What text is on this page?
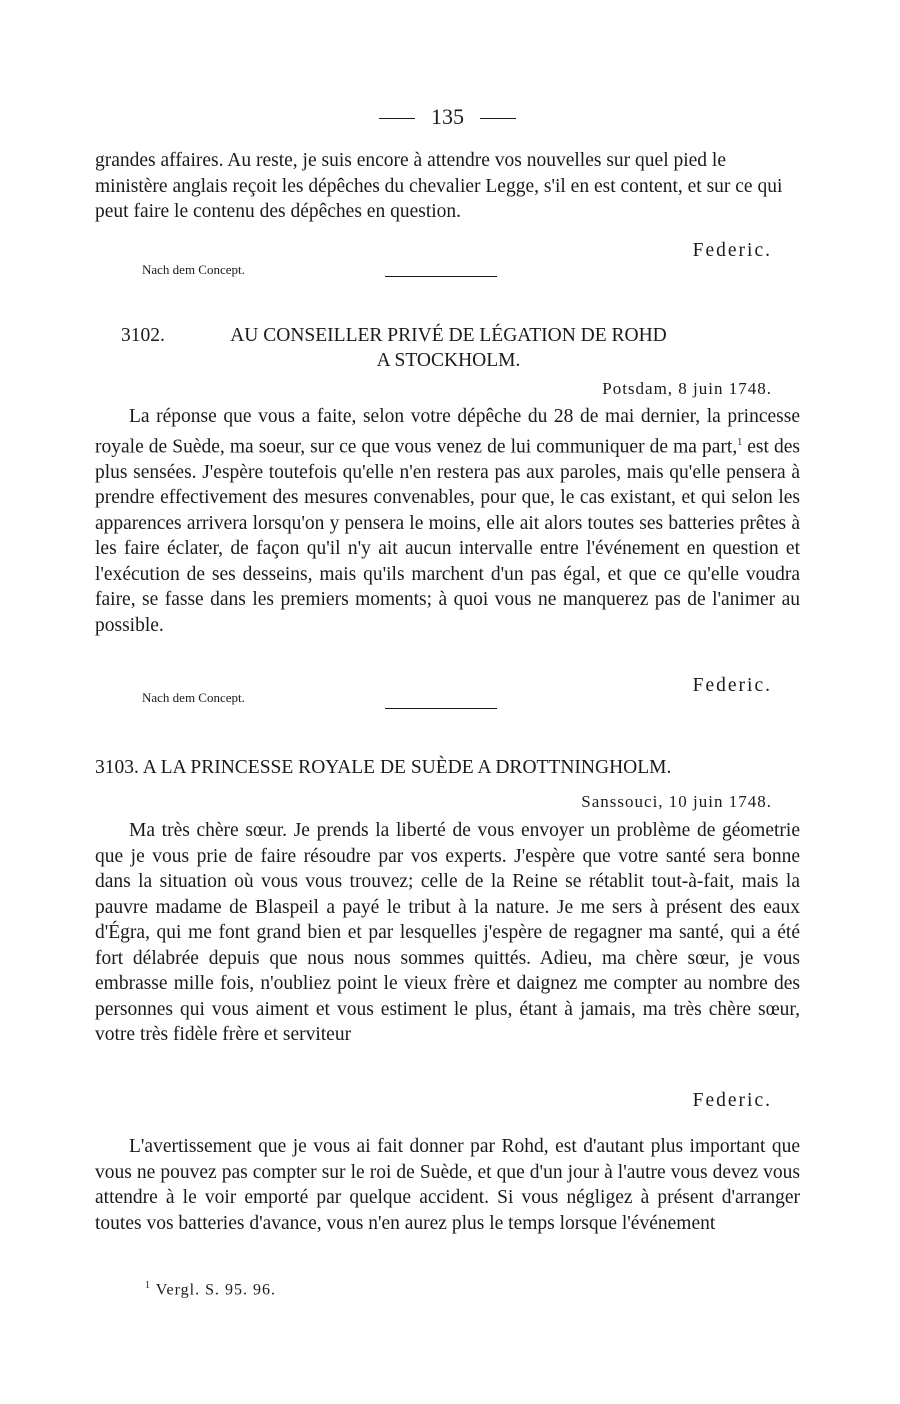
135

grandes affaires. Au reste, je suis encore à attendre vos nouvelles sur quel pied le ministère anglais reçoit les dépêches du chevalier Legge, s'il en est content, et sur ce qui peut faire le contenu des dépêches en question.

Federic.
Nach dem Concept.
3102.	AU CONSEILLER PRIVÉ DE LÉGATION DE ROHD
A STOCKHOLM.
Potsdam, 8 juin 1748.

La réponse que vous a faite, selon votre dépêche du 28 de mai dernier, la princesse royale de Suède, ma soeur, sur ce que vous venez de lui communiquer de ma part,$^1$ est des plus sensées. J'espère toutefois qu'elle n'en restera pas aux paroles, mais qu'elle pensera à prendre effectivement des mesures convenables, pour que, le cas existant, et qui selon les apparences arrivera lorsqu'on y pensera le moins, elle ait alors toutes ses batteries prêtes à les faire éclater, de façon qu'il n'y ait aucun intervalle entre l'événement en question et l'exécution de ses desseins, mais qu'ils marchent d'un pas égal, et que ce qu'elle voudra faire, se fasse dans les premiers moments; à quoi vous ne manquerez pas de l'animer au possible.

Federic.
Nach dem Concept.
3103. A LA PRINCESSE ROYALE DE SUÈDE A DROTTNINGHOLM.
Sanssouci, 10 juin 1748.

Ma très chère sœur. Je prends la liberté de vous envoyer un problème de géometrie que je vous prie de faire résoudre par vos experts. J'espère que votre santé sera bonne dans la situation où vous vous trouvez; celle de la Reine se rétablit tout-à-fait, mais la pauvre madame de Blaspeil a payé le tribut à la nature. Je me sers à présent des eaux d'Égra, qui me font grand bien et par lesquelles j'espère de regagner ma santé, qui a été fort délabrée depuis que nous nous sommes quittés. Adieu, ma chère sœur, je vous embrasse mille fois, n'oubliez point le vieux frère et daignez me compter au nombre des personnes qui vous aiment et vous estiment le plus, étant à jamais, ma très chère sœur, votre très fidèle frère et serviteur

Federic.

L'avertissement que je vous ai fait donner par Rohd, est d'autant plus important que vous ne pouvez pas compter sur le roi de Suède, et que d'un jour à l'autre vous devez vous attendre à le voir emporté par quelque accident. Si vous négligez à présent d'arranger toutes vos batteries d'avance, vous n'en aurez plus le temps lorsque l'événement

$^1$ Vergl. S. 95. 96.
